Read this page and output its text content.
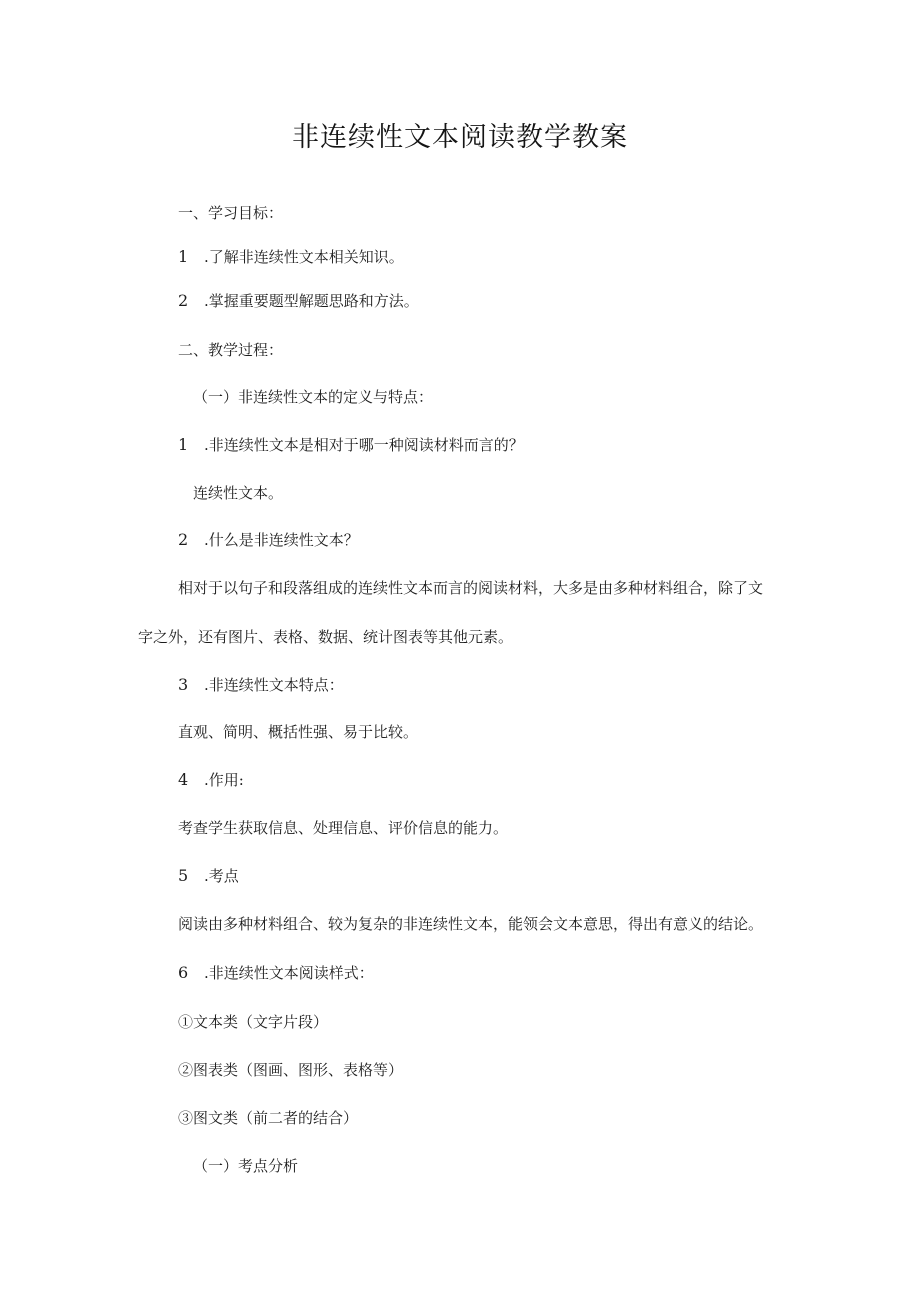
非连续性文本阅读教学教案
一、学习目标：
1 .了解非连续性文本相关知识。
2 .掌握重要题型解题思路和方法。
二、教学过程：
（一）非连续性文本的定义与特点：
1 .非连续性文本是相对于哪一种阅读材料而言的？
连续性文本。
2 .什么是非连续性文本？
相对于以句子和段落组成的连续性文本而言的阅读材料，大多是由多种材料组合，除了文
字之外，还有图片、表格、数据、统计图表等其他元素。
3 .非连续性文本特点：
直观、简明、概括性强、易于比较。
4 .作用:
考查学生获取信息、处理信息、评价信息的能力。
5 .考点
阅读由多种材料组合、较为复杂的非连续性文本，能领会文本意思，得出有意义的结论。
6 .非连续性文本阅读样式：
①文本类（文字片段）
②图表类（图画、图形、表格等）
③图文类（前二者的结合）
（一）考点分析
